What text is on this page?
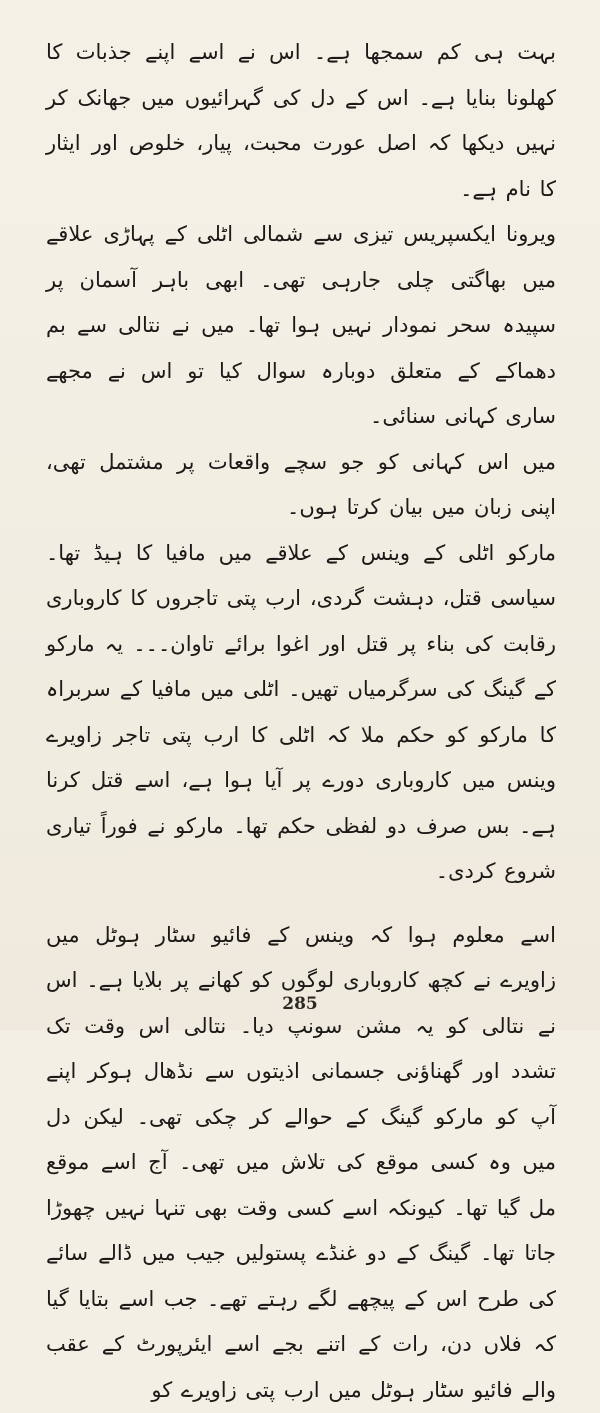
بہت ہی کم سمجھا ہے۔ اس نے اسے اپنے جذبات کا کھلونا بنایا ہے۔ اس کے دل کی گہرائیوں میں جھانک کر نہیں دیکھا کہ اصل عورت محبت، پیار، خلوص اور ایثار کا نام ہے۔

ویرونا ایکسپریس تیزی سے شمالی اٹلی کے پہاڑی علاقے میں بھاگتی چلی جارہی تھی۔ ابھی باہر آسمان پر سپیدہ سحر نمودار نہیں ہوا تھا۔ میں نے نتالی سے بم دھماکے کے متعلق دوبارہ سوال کیا تو اس نے مجھے ساری کہانی سنائی۔

میں اس کہانی کو جو سچے واقعات پر مشتمل تھی، اپنی زبان میں بیان کرتا ہوں۔

مارکو اٹلی کے وینس کے علاقے میں مافیا کا ہیڈ تھا۔ سیاسی قتل، دہشت گردی، ارب پتی تاجروں کا کاروباری رقابت کی بناء پر قتل اور اغوا برائے تاوان۔۔۔ یہ مارکو کے گینگ کی سرگرمیاں تھیں۔ اٹلی میں مافیا کے سربراہ کا مارکو کو حکم ملا کہ اٹلی کا ارب پتی تاجر زاویرے وینس میں کاروباری دورے پر آیا ہوا ہے، اسے قتل کرنا ہے۔ بس صرف دو لفظی حکم تھا۔ مارکو نے فوراً تیاری شروع کردی۔

اسے معلوم ہوا کہ وینس کے فائیو سٹار ہوٹل میں زاویرے نے کچھ کاروباری لوگوں کو کھانے پر بلایا ہے۔ اس نے نتالی کو یہ مشن سونپ دیا۔ نتالی اس وقت تک تشدد اور گھناؤنی جسمانی اذیتوں سے نڈھال ہوکر اپنے آپ کو مارکو گینگ کے حوالے کر چکی تھی۔ لیکن دل میں وہ کسی موقع کی تلاش میں تھی۔ آج اسے موقع مل گیا تھا۔ کیونکہ اسے کسی وقت بھی تنہا نہیں چھوڑا جاتا تھا۔ گینگ کے دو غنڈے پستولیں جیب میں ڈالے سائے کی طرح اس کے پیچھے لگے رہتے تھے۔ جب اسے بتایا گیا کہ فلاں دن، رات کے اتنے بجے اسے ایئرپورٹ کے عقب والے فائیو سٹار ہوٹل میں ارب پتی زاویرے کو

285
